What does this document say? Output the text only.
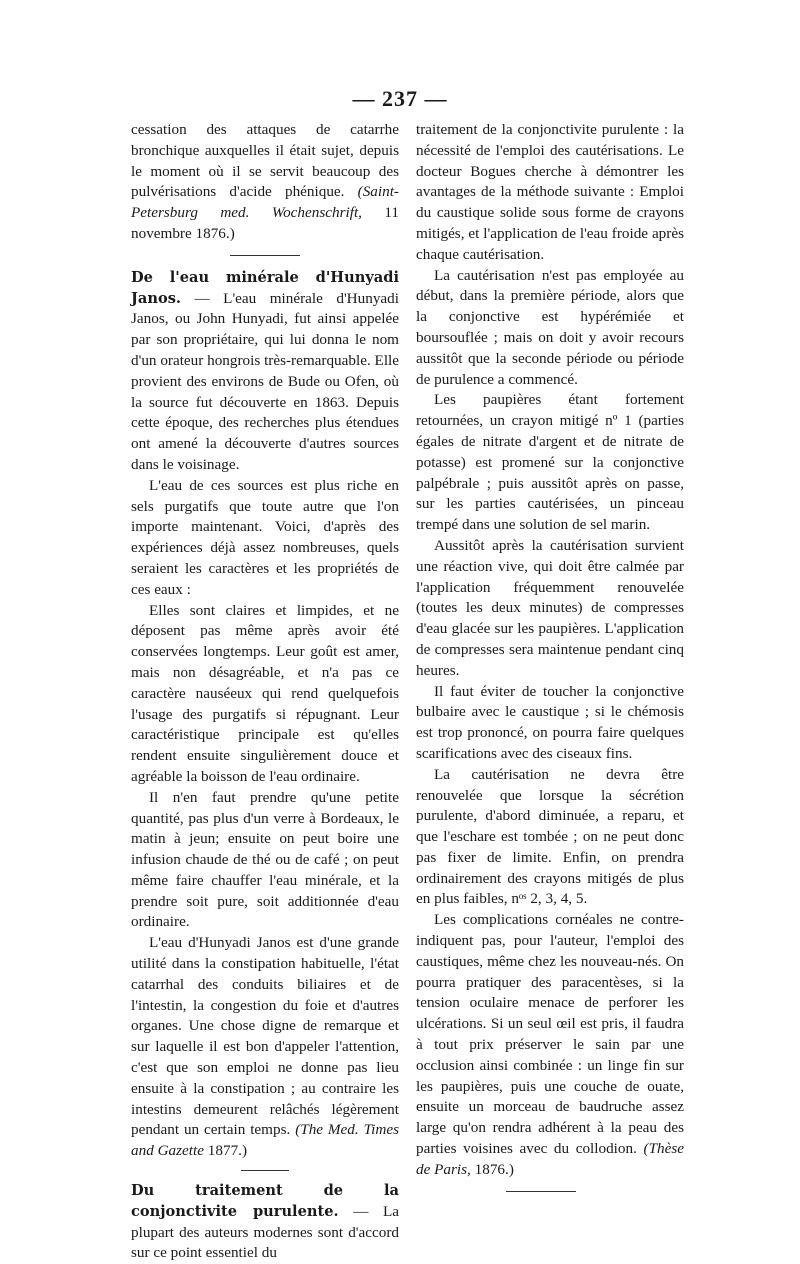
— 237 —

cessation des attaques de catarrhe bronchique auxquelles il était sujet, depuis le moment où il se servit beaucoup des pulvérisations d'acide phénique. (Saint-Petersburg med. Wochenschrift, 11 novembre 1876.)

De l'eau minérale d'Hunyadi Janos. — L'eau minérale d'Hunyadi Janos, ou John Hunyadi, fut ainsi appelée par son propriétaire, qui lui donna le nom d'un orateur hongrois très-remarquable. Elle provient des environs de Bude ou Ofen, où la source fut découverte en 1863. Depuis cette époque, des recherches plus étendues ont amené la découverte d'autres sources dans le voisinage.

L'eau de ces sources est plus riche en sels purgatifs que toute autre que l'on importe maintenant. Voici, d'après des expériences déjà assez nombreuses, quels seraient les caractères et les propriétés de ces eaux :

Elles sont claires et limpides, et ne déposent pas même après avoir été conservées longtemps. Leur goût est amer, mais non désagréable, et n'a pas ce caractère nauséeux qui rend quelquefois l'usage des purgatifs si répugnant. Leur caractéristique principale est qu'elles rendent ensuite singulièrement douce et agréable la boisson de l'eau ordinaire.

Il n'en faut prendre qu'une petite quantité, pas plus d'un verre à Bordeaux, le matin à jeun; ensuite on peut boire une infusion chaude de thé ou de café ; on peut même faire chauffer l'eau minérale, et la prendre soit pure, soit additionnée d'eau ordinaire.

L'eau d'Hunyadi Janos est d'une grande utilité dans la constipation habituelle, l'état catarrhal des conduits biliaires et de l'intestin, la congestion du foie et d'autres organes. Une chose digne de remarque et sur laquelle il est bon d'appeler l'attention, c'est que son emploi ne donne pas lieu ensuite à la constipation ; au contraire les intestins demeurent relâchés légèrement pendant un certain temps. (The Med. Times and Gazette 1877.)

Du traitement de la conjonctivite purulente. — La plupart des auteurs modernes sont d'accord sur ce point essentiel du

traitement de la conjonctivite purulente : la nécessité de l'emploi des cautérisations. Le docteur Bogues cherche à démontrer les avantages de la méthode suivante : Emploi du caustique solide sous forme de crayons mitigés, et l'application de l'eau froide après chaque cautérisation.

La cautérisation n'est pas employée au début, dans la première période, alors que la conjonctive est hypérémiée et boursouflée ; mais on doit y avoir recours aussitôt que la seconde période ou période de purulence a commencé.

Les paupières étant fortement retournées, un crayon mitigé nº 1 (parties égales de nitrate d'argent et de nitrate de potasse) est promené sur la conjonctive palpébrale ; puis aussitôt après on passe, sur les parties cautérisées, un pinceau trempé dans une solution de sel marin.

Aussitôt après la cautérisation survient une réaction vive, qui doit être calmée par l'application fréquemment renouvelée (toutes les deux minutes) de compresses d'eau glacée sur les paupières. L'application de compresses sera maintenue pendant cinq heures.

Il faut éviter de toucher la conjonctive bulbaire avec le caustique ; si le chémosis est trop prononcé, on pourra faire quelques scarifications avec des ciseaux fins.

La cautérisation ne devra être renouvelée que lorsque la sécrétion purulente, d'abord diminuée, a reparu, et que l'eschare est tombée ; on ne peut donc pas fixer de limite. Enfin, on prendra ordinairement des crayons mitigés de plus en plus faibles, nᵒˢ 2, 3, 4, 5.

Les complications cornéales ne contre-indiquent pas, pour l'auteur, l'emploi des caustiques, même chez les nouveau-nés. On pourra pratiquer des paracentèses, si la tension oculaire menace de perforer les ulcérations. Si un seul œil est pris, il faudra à tout prix préserver le sain par une occlusion ainsi combinée : un linge fin sur les paupières, puis une couche de ouate, ensuite un morceau de baudruche assez large qu'on rendra adhérent à la peau des parties voisines avec du collodion. (Thèse de Paris, 1876.)
